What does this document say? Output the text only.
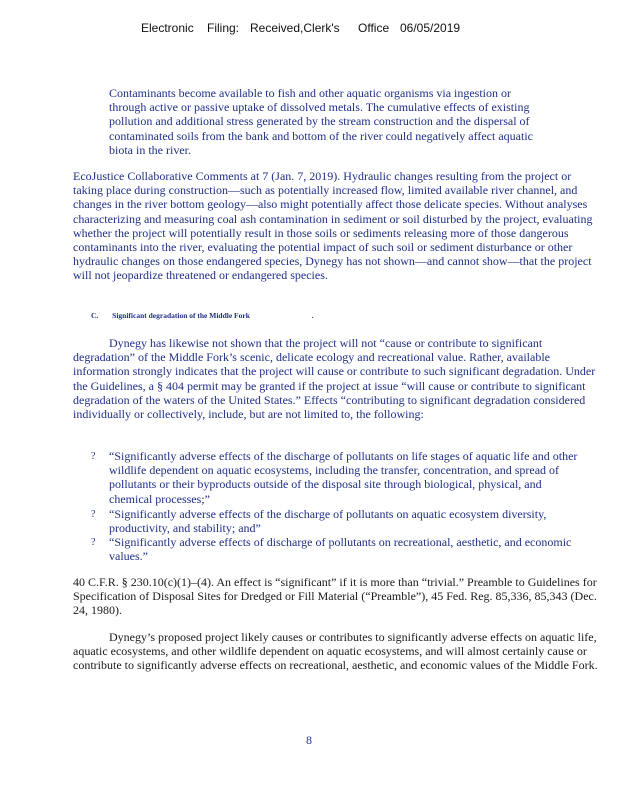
Electronic Filing: Received,Clerk's Office 06/05/2019

Contaminants become available to fish and other aquatic organisms via ingestion or through active or passive uptake of dissolved metals. The cumulative effects of existing pollution and additional stress generated by the stream construction and the dispersal of contaminated soils from the bank and bottom of the river could negatively affect aquatic biota in the river.

EcoJustice Collaborative Comments at 7 (Jan. 7, 2019). Hydraulic changes resulting from the project or taking place during construction—such as potentially increased flow, limited available river channel, and changes in the river bottom geology—also might potentially affect those delicate species. Without analyses characterizing and measuring coal ash contamination in sediment or soil disturbed by the project, evaluating whether the project will potentially result in those soils or sediments releasing more of those dangerous contaminants into the river, evaluating the potential impact of such soil or sediment disturbance or other hydraulic changes on those endangered species, Dynegy has not shown—and cannot show—that the project will not jeopardize threatened or endangered species.

C. Significant degradation of the Middle Fork	.

Dynegy has likewise not shown that the project will not “cause or contribute to significant degradation” of the Middle Fork’s scenic, delicate ecology and recreational value. Rather, available information strongly indicates that the project will cause or contribute to such significant degradation. Under the Guidelines, a § 404 permit may be granted if the project at issue “will cause or contribute to significant degradation of the waters of the United States.” Effects “contributing to significant degradation considered individually or collectively, include, but are not limited to, the following:

? “Significantly adverse effects of the discharge of pollutants on life stages of aquatic life and other wildlife dependent on aquatic ecosystems, including the transfer, concentration, and spread of pollutants or their byproducts outside of the disposal site through biological, physical, and chemical processes;”

? “Significantly adverse effects of the discharge of pollutants on aquatic ecosystem diversity, productivity, and stability; and”

? “Significantly adverse effects of discharge of pollutants on recreational, aesthetic, and economic values.”

40 C.F.R. § 230.10(c)(1)–(4). An effect is “significant” if it is more than “trivial.” Preamble to Guidelines for Specification of Disposal Sites for Dredged or Fill Material (“Preamble”), 45 Fed. Reg. 85,336, 85,343 (Dec. 24, 1980).

Dynegy’s proposed project likely causes or contributes to significantly adverse effects on aquatic life, aquatic ecosystems, and other wildlife dependent on aquatic ecosystems, and will almost certainly cause or contribute to significantly adverse effects on recreational, aesthetic, and economic values of the Middle Fork.

8
